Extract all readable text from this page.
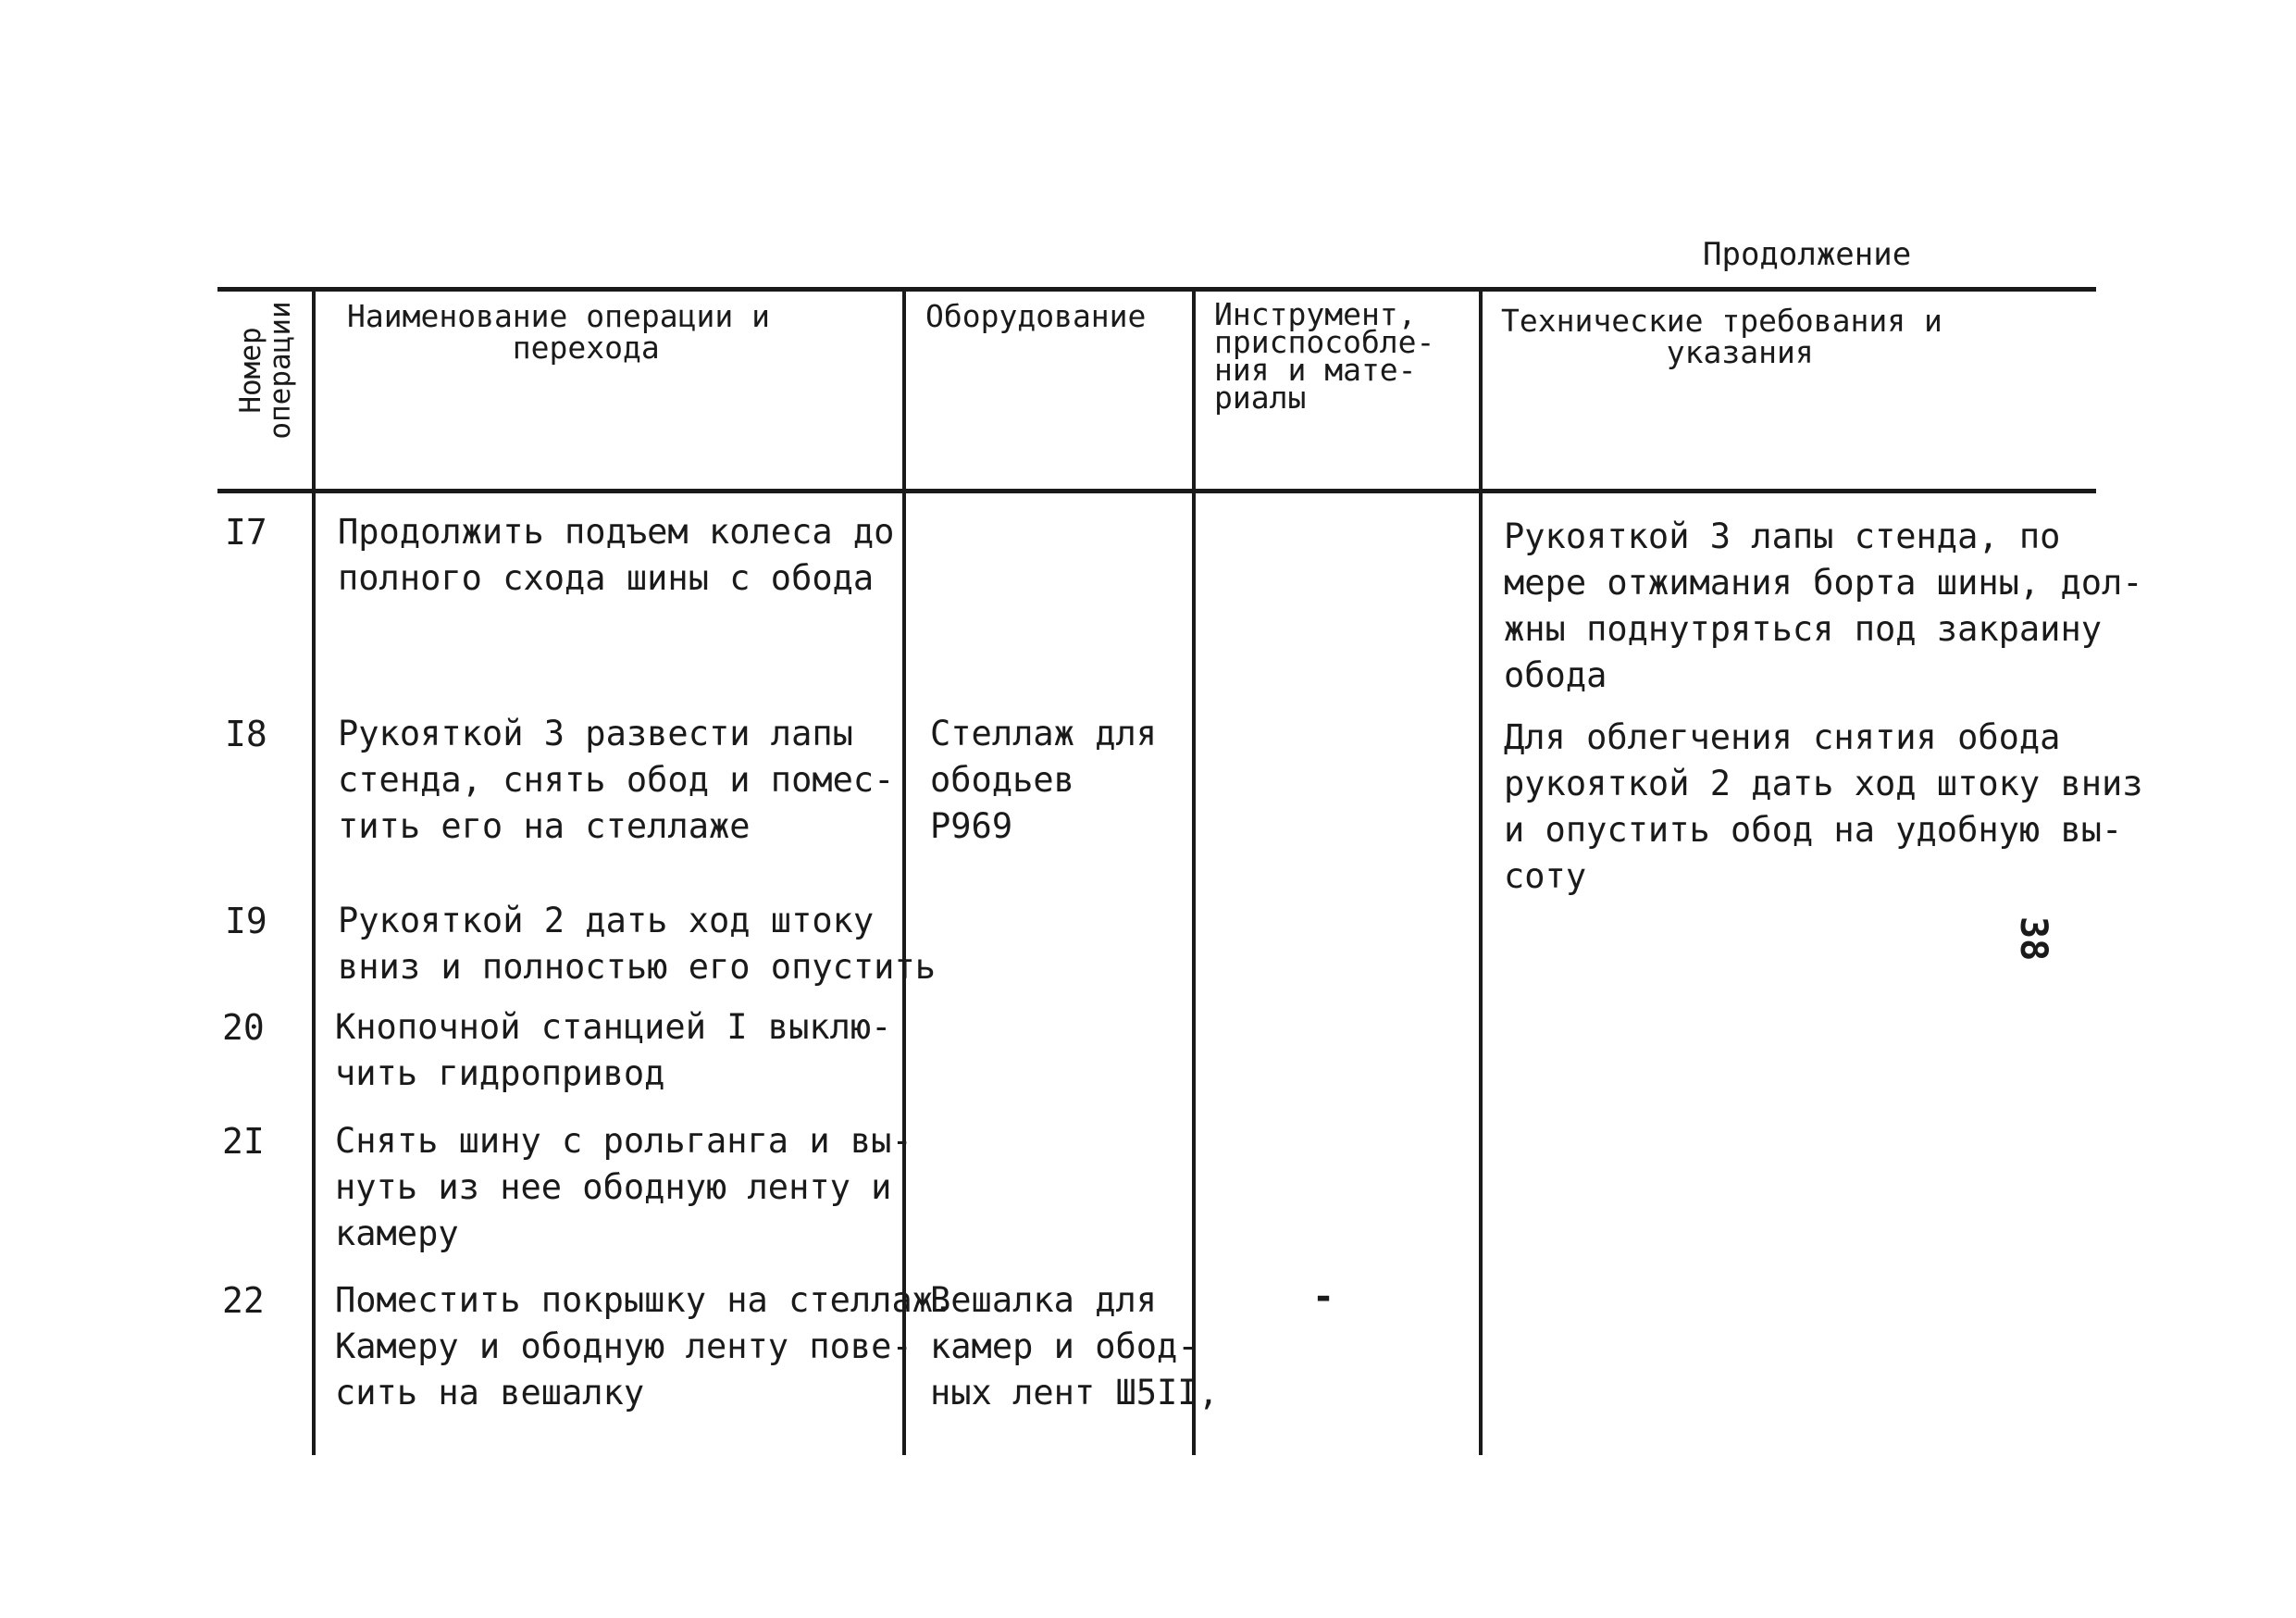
Продолжение
Номер
операции Наименование операции и
перехода
Оборудование Инструмент,
приспособле-
ния и мате-
риалы
Технические требования и
указания
I7 Продолжить подъем колеса до
полного схода шины с обода
Рукояткой 3 лапы стенда, по
мере отжимания борта шины, дол-
жны поднутряться под закраину
обода
I8 Рукояткой 3 развести лапы
стенда, снять обод и помес-
тить его на стеллаже
Стеллаж для
ободьев
Р969
Для облегчения снятия обода
рукояткой 2 дать ход штоку вниз
и опустить обод на удобную вы-
соту
I9 Рукояткой 2 дать ход штоку
вниз и полностью его опустить
20 Кнопочной станцией I выклю-
чить гидропривод
2I Снять шину с рольганга и вы-
нуть из нее ободную ленту и
камеру
22 Поместить покрышку на стеллаж.
Камеру и ободную ленту пове-
сить на вешалку
Вешалка для
камер и обод-
ных лент Ш5II,
-
38
